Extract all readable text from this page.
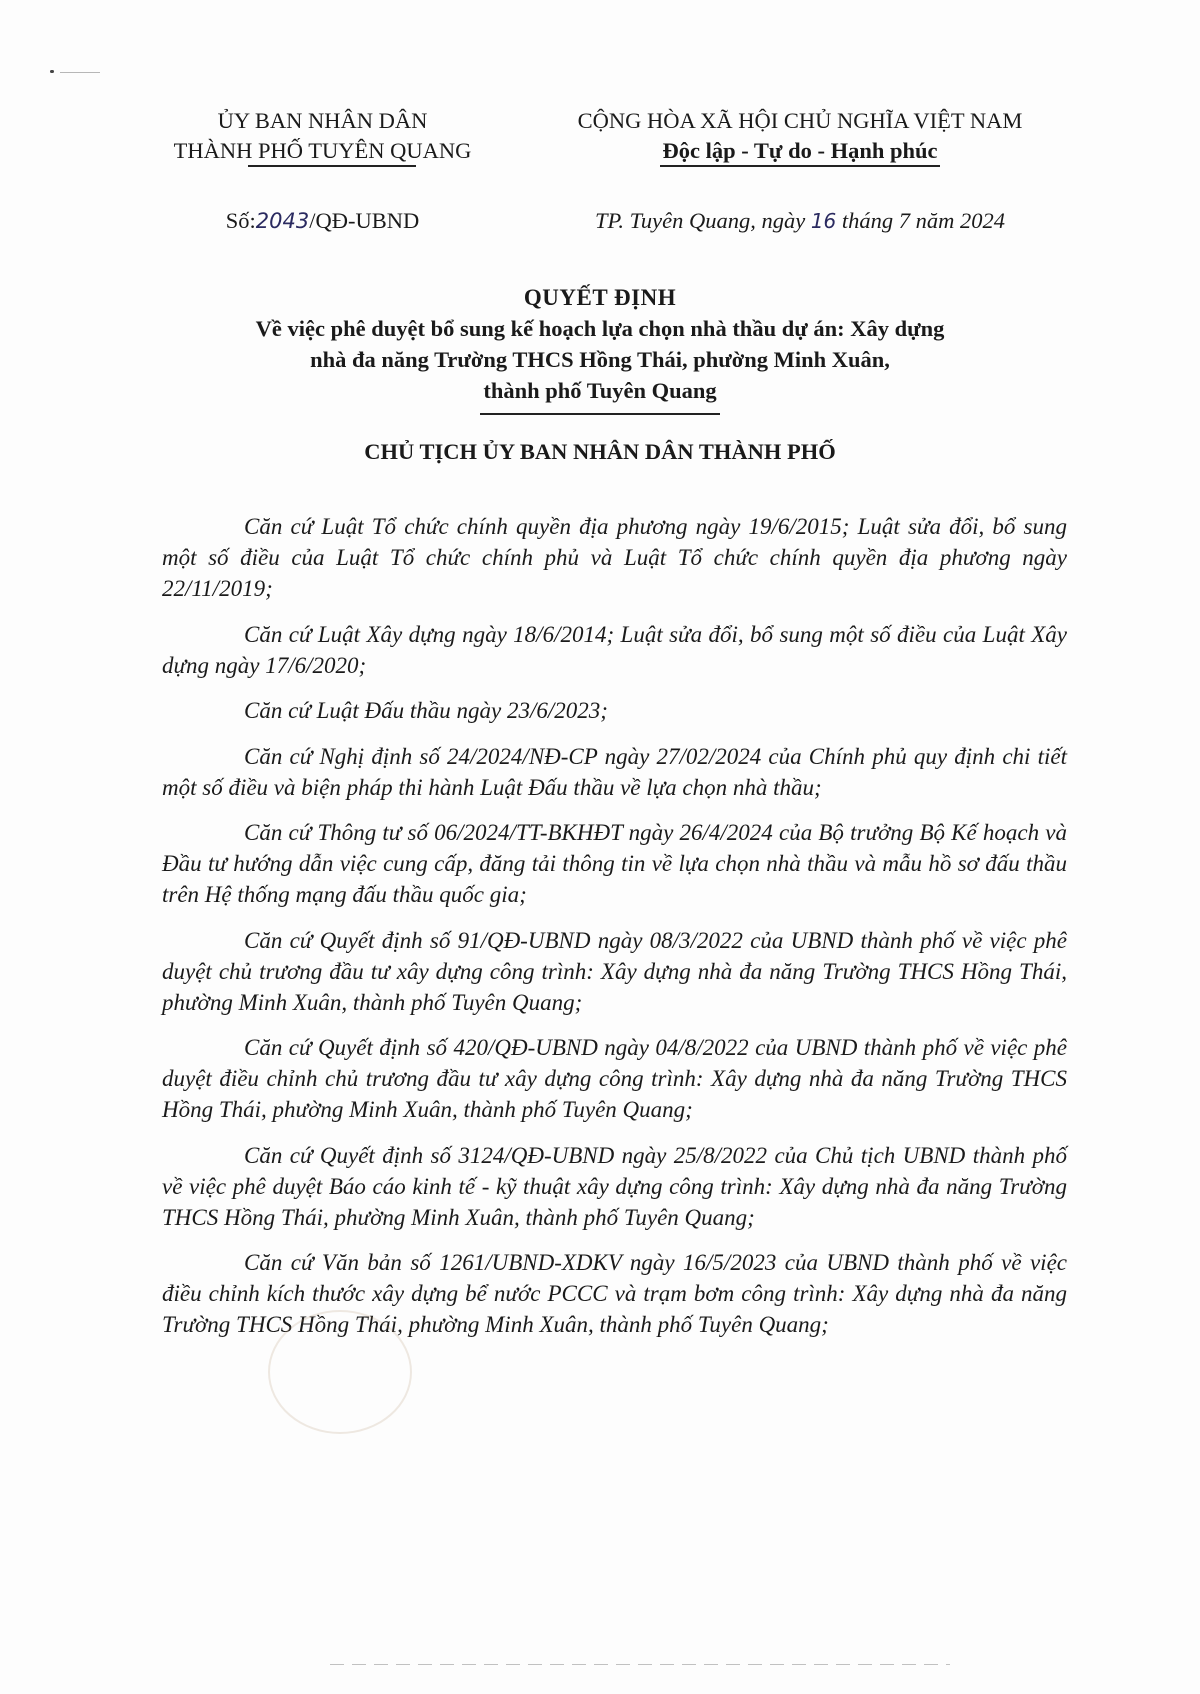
ỦY BAN NHÂN DÂN
THÀNH PHỐ TUYÊN QUANG
CỘNG HÒA XÃ HỘI CHỦ NGHĨA VIỆT NAM
Độc lập - Tự do - Hạnh phúc
Số:2043/QĐ-UBND	TP. Tuyên Quang, ngày 16 tháng 7 năm 2024
QUYẾT ĐỊNH
Về việc phê duyệt bổ sung kế hoạch lựa chọn nhà thầu dự án: Xây dựng
nhà đa năng Trường THCS Hồng Thái, phường Minh Xuân,
thành phố Tuyên Quang
CHỦ TỊCH ỦY BAN NHÂN DÂN THÀNH PHỐ

Căn cứ Luật Tổ chức chính quyền địa phương ngày 19/6/2015; Luật sửa đổi, bổ sung một số điều của Luật Tổ chức chính phủ và Luật Tổ chức chính quyền địa phương ngày 22/11/2019;

Căn cứ Luật Xây dựng ngày 18/6/2014; Luật sửa đổi, bổ sung một số điều của Luật Xây dựng ngày 17/6/2020;

Căn cứ Luật Đấu thầu ngày 23/6/2023;

Căn cứ Nghị định số 24/2024/NĐ-CP ngày 27/02/2024 của Chính phủ quy định chi tiết một số điều và biện pháp thi hành Luật Đấu thầu về lựa chọn nhà thầu;

Căn cứ Thông tư số 06/2024/TT-BKHĐT ngày 26/4/2024 của Bộ trưởng Bộ Kế hoạch và Đầu tư hướng dẫn việc cung cấp, đăng tải thông tin về lựa chọn nhà thầu và mẫu hồ sơ đấu thầu trên Hệ thống mạng đấu thầu quốc gia;

Căn cứ Quyết định số 91/QĐ-UBND ngày 08/3/2022 của UBND thành phố về việc phê duyệt chủ trương đầu tư xây dựng công trình: Xây dựng nhà đa năng Trường THCS Hồng Thái, phường Minh Xuân, thành phố Tuyên Quang;

Căn cứ Quyết định số 420/QĐ-UBND ngày 04/8/2022 của UBND thành phố về việc phê duyệt điều chỉnh chủ trương đầu tư xây dựng công trình: Xây dựng nhà đa năng Trường THCS Hồng Thái, phường Minh Xuân, thành phố Tuyên Quang;

Căn cứ Quyết định số 3124/QĐ-UBND ngày 25/8/2022 của Chủ tịch UBND thành phố về việc phê duyệt Báo cáo kinh tế - kỹ thuật xây dựng công trình: Xây dựng nhà đa năng Trường THCS Hồng Thái, phường Minh Xuân, thành phố Tuyên Quang;

Căn cứ Văn bản số 1261/UBND-XDKV ngày 16/5/2023 của UBND thành phố về việc điều chỉnh kích thước xây dựng bể nước PCCC và trạm bơm công trình: Xây dựng nhà đa năng Trường THCS Hồng Thái, phường Minh Xuân, thành phố Tuyên Quang;
